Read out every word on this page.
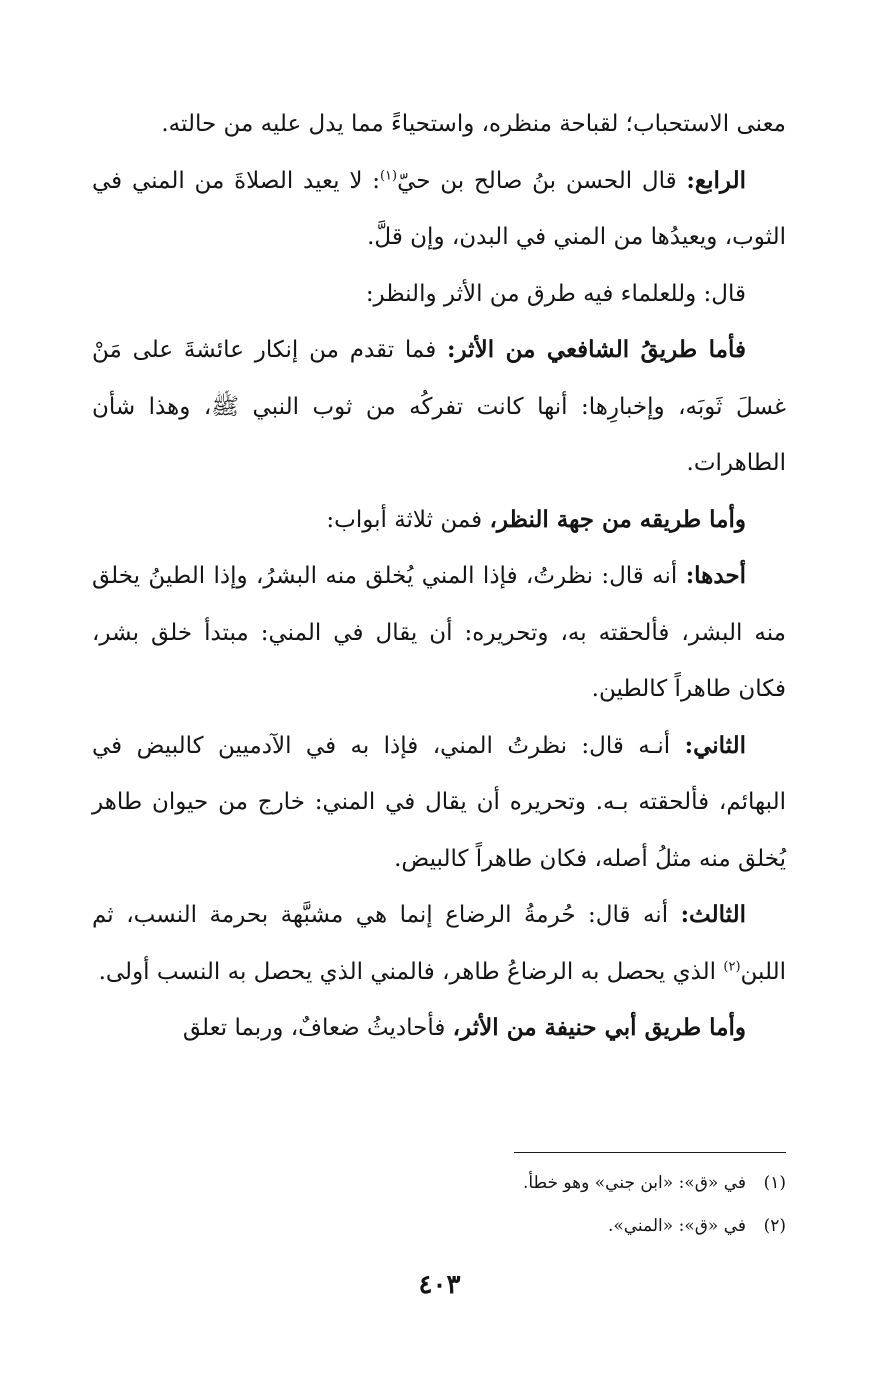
معنى الاستحباب؛ لقباحة منظره، واستحياءً مما يدل عليه من حالته.

الرابع: قال الحسن بنُ صالح بن حيّ$^{(١)}$: لا يعيد الصلاةَ من المني في الثوب، ويعيدُها من المني في البدن، وإن قلَّ.

قال: وللعلماء فيه طرق من الأثر والنظر:

فأما طريقُ الشافعي من الأثر: فما تقدم من إنكار عائشةَ على مَنْ غسلَ ثَوبَه، وإخبارِها: أنها كانت تفركُه من ثوب النبي ﷺ، وهذا شأن الطاهرات.

وأما طريقه من جهة النظر، فمن ثلاثة أبواب:

أحدها: أنه قال: نظرتُ، فإذا المني يُخلق منه البشرُ، وإذا الطينُ يخلق منه البشر، فألحقته به، وتحريره: أن يقال في المني: مبتدأ خلق بشر، فكان طاهراً كالطين.

الثاني: أنـه قال: نظرتُ المني، فإذا به في الآدميين كالبيض في البهائم، فألحقته بـه. وتحريره أن يقال في المني: خارج من حيوان طاهر يُخلق منه مثلُ أصله، فكان طاهراً كالبيض.

الثالث: أنه قال: حُرمةُ الرضاع إنما هي مشبَّهة بحرمة النسب، ثم اللبن$^{(٢)}$ الذي يحصل به الرضاعُ طاهر، فالمني الذي يحصل به النسب أولى.

وأما طريق أبي حنيفة من الأثر، فأحاديثُ ضعافٌ، وربما تعلق

(١)
في «ق»: «ابن جني» وهو خطأ.
(٢)
في «ق»: «المني».
٤٠٣
